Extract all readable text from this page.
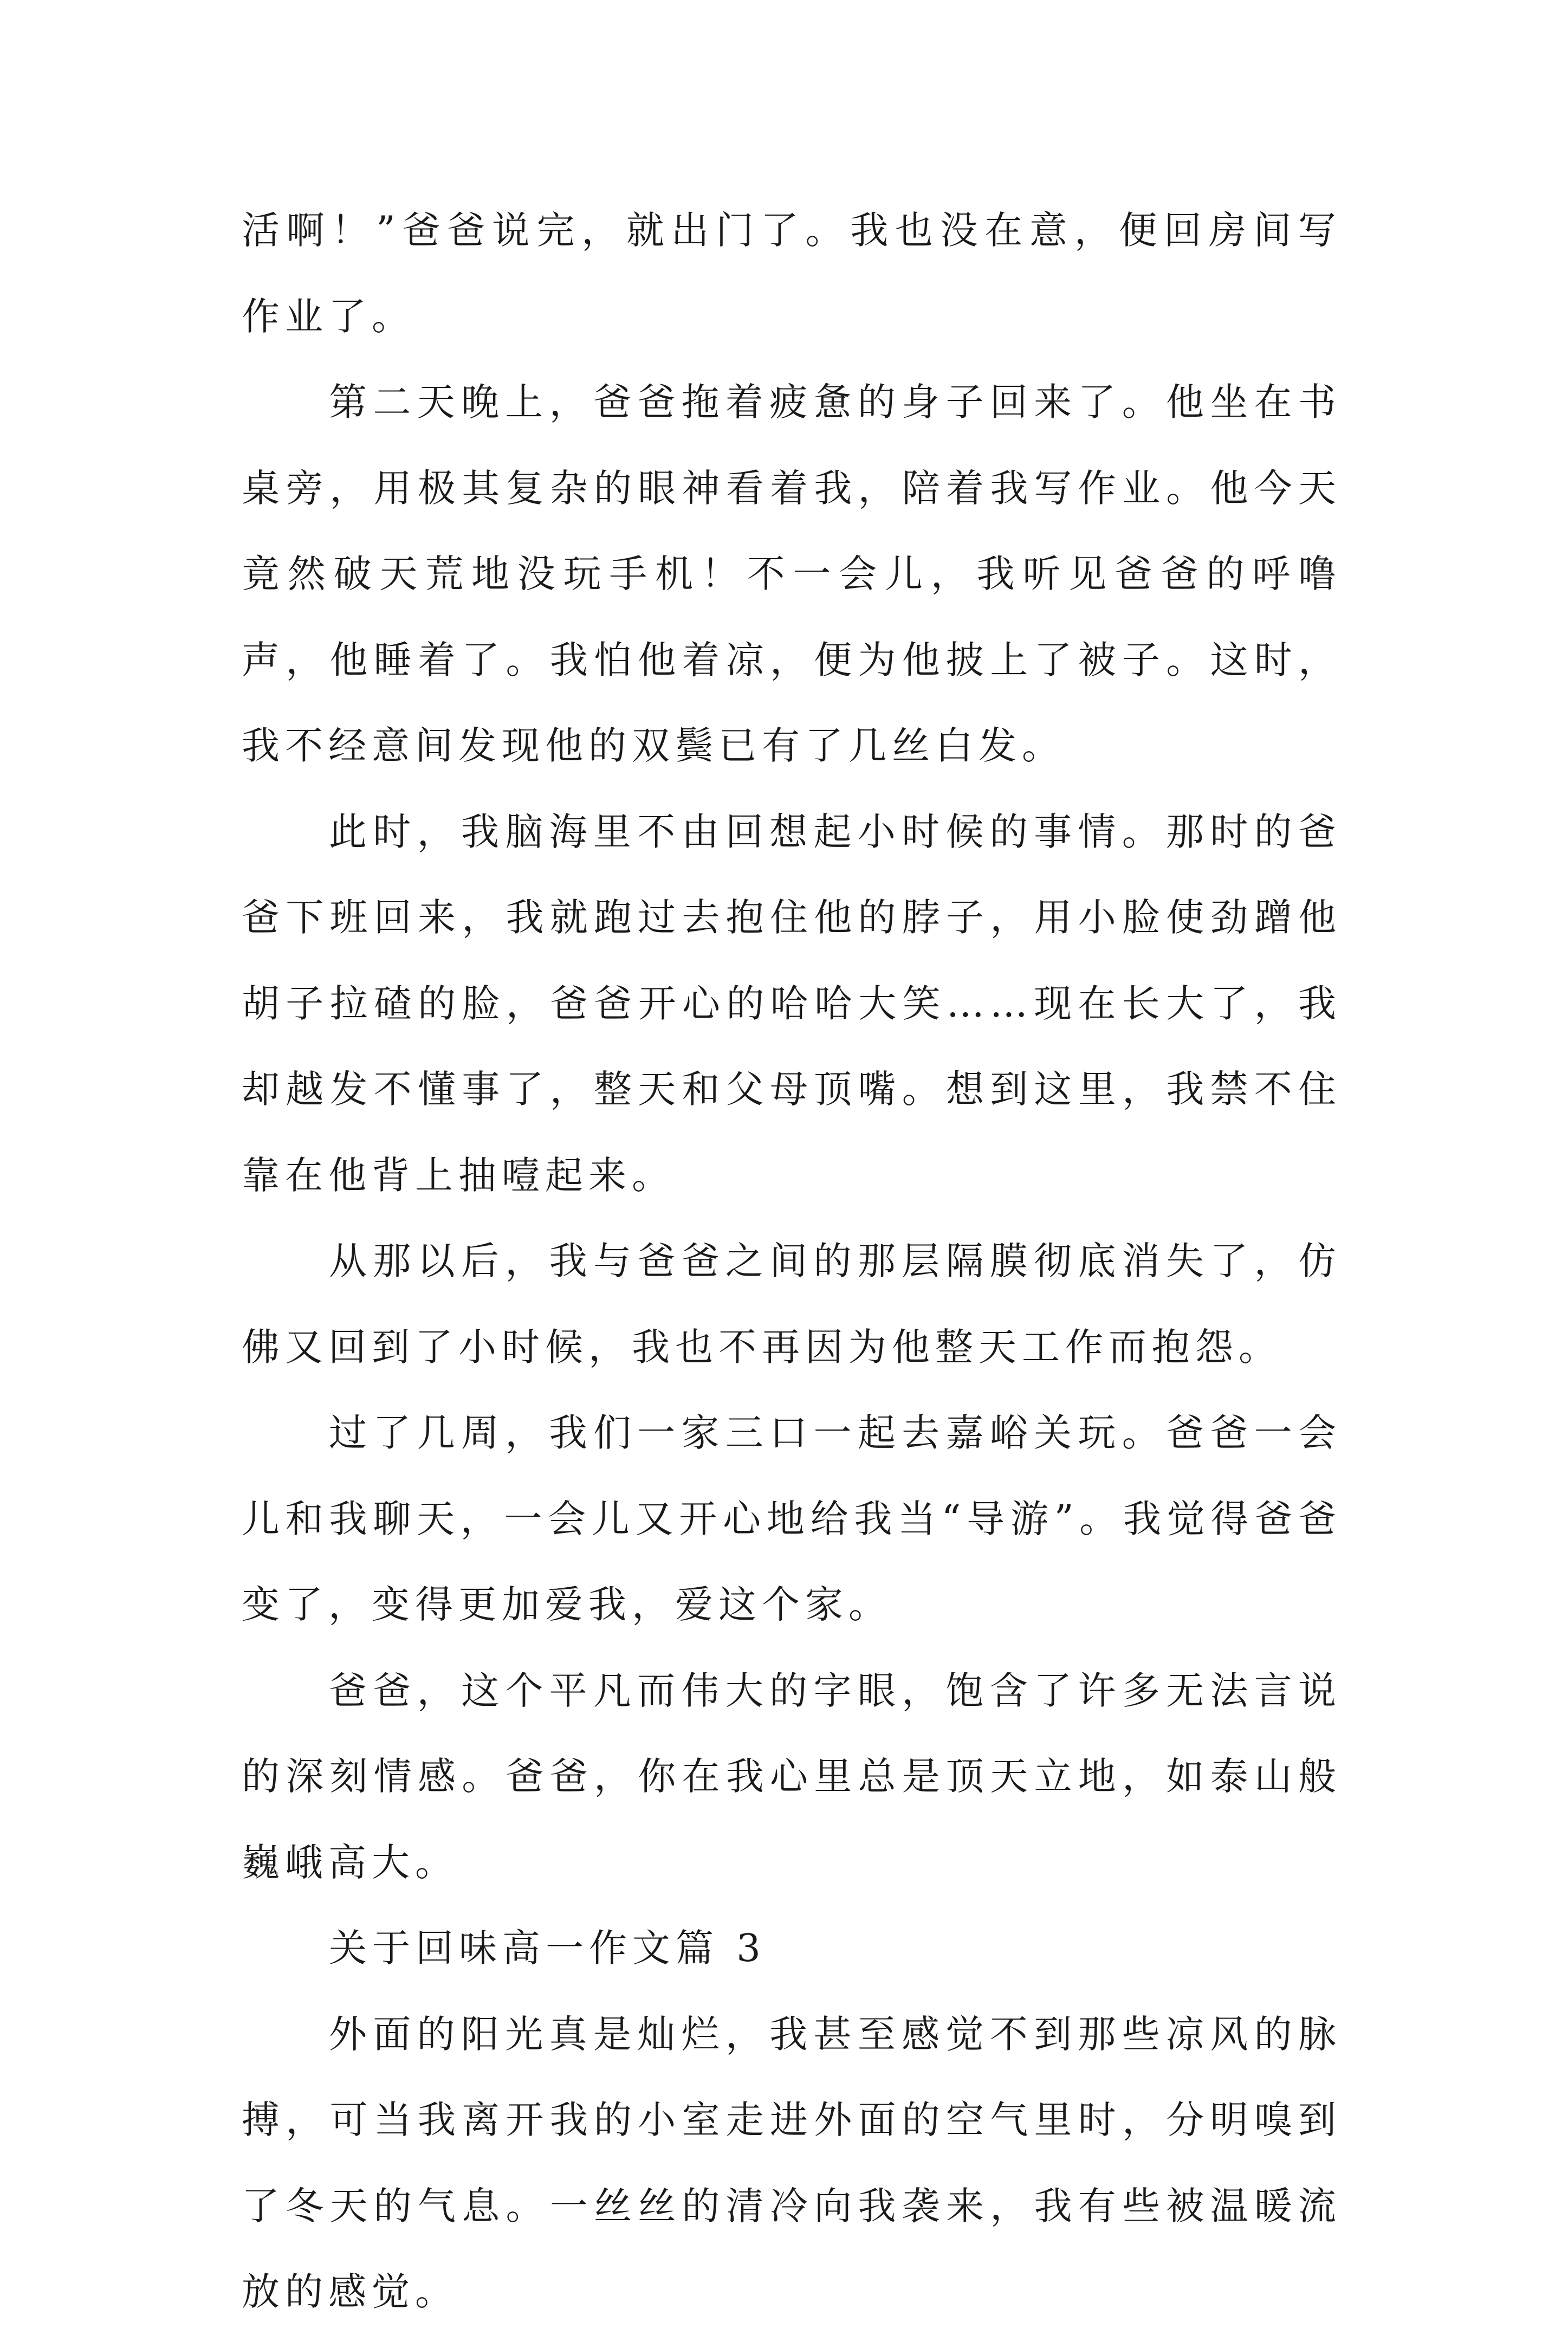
活啊！”爸爸说完，就出门了。我也没在意，便回房间写作业了。

第二天晚上，爸爸拖着疲惫的身子回来了。他坐在书桌旁，用极其复杂的眼神看着我，陪着我写作业。他今天竟然破天荒地没玩手机！不一会儿，我听见爸爸的呼噜声，他睡着了。我怕他着凉，便为他披上了被子。这时，我不经意间发现他的双鬓已有了几丝白发。

此时，我脑海里不由回想起小时候的事情。那时的爸爸下班回来，我就跑过去抱住他的脖子，用小脸使劲蹭他胡子拉碴的脸，爸爸开心的哈哈大笑……现在长大了，我却越发不懂事了，整天和父母顶嘴。想到这里，我禁不住靠在他背上抽噎起来。

从那以后，我与爸爸之间的那层隔膜彻底消失了，仿佛又回到了小时候，我也不再因为他整天工作而抱怨。

过了几周，我们一家三口一起去嘉峪关玩。爸爸一会儿和我聊天，一会儿又开心地给我当“导游”。我觉得爸爸变了，变得更加爱我，爱这个家。

爸爸，这个平凡而伟大的字眼，饱含了许多无法言说的深刻情感。爸爸，你在我心里总是顶天立地，如泰山般巍峨高大。

关于回味高一作文篇 3

外面的阳光真是灿烂，我甚至感觉不到那些凉风的脉搏，可当我离开我的小室走进外面的空气里时，分明嗅到了冬天的气息。一丝丝的清冷向我袭来，我有些被温暖流放的感觉。
